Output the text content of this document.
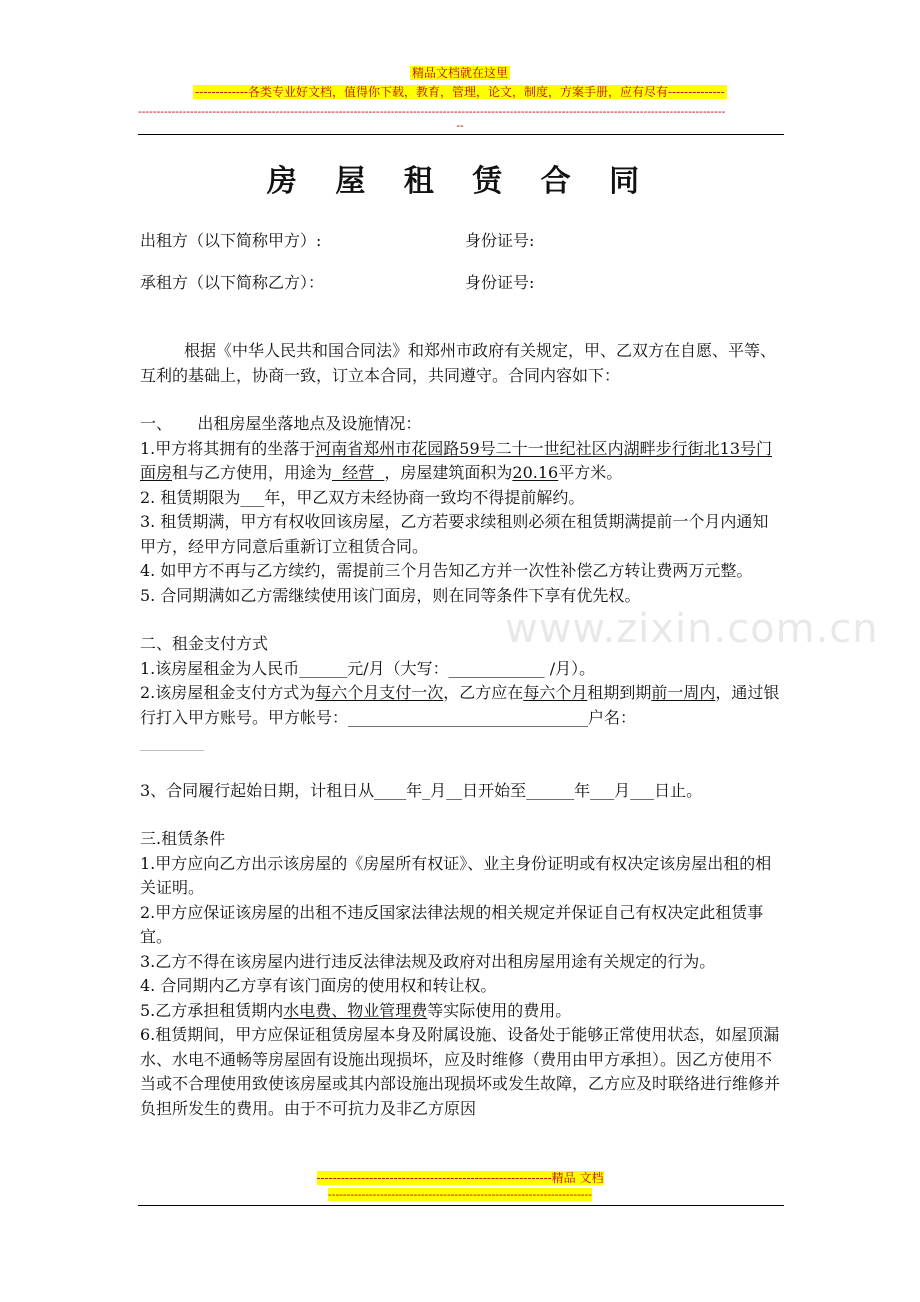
精品文档就在这里
-------------各类专业好文档，值得你下载，教育，管理，论文，制度，方案手册，应有尽有--------------
--------------------------------------------------------------------------------------------------------------------------------------------------------------
--
房 屋 租 赁 合 同
出租方（以下简称甲方）:	身份证号:
承租方（以下简称乙方）：	身份证号:

根据《中华人民共和国合同法》和郑州市政府有关规定，甲、乙双方在自愿、平等、互利的基础上，协商一致，订立本合同，共同遵守。合同内容如下：

一、     出租房屋坐落地点及设施情况：

1.甲方将其拥有的坐落于河南省郑州市花园路59号二十一世纪社区内湖畔步行街北13号门面房租与乙方使用，用途为  经营  ，房屋建筑面积为20.16平方米。

2. 租赁期限为___年，甲乙双方未经协商一致均不得提前解约。

3. 租赁期满，甲方有权收回该房屋，乙方若要求续租则必须在租赁期满提前一个月内通知甲方，经甲方同意后重新订立租赁合同。

4. 如甲方不再与乙方续约，需提前三个月告知乙方并一次性补偿乙方转让费两万元整。

5. 合同期满如乙方需继续使用该门面房，则在同等条件下享有优先权。

二、租金支付方式

1.该房屋租金为人民币______元/月（大写：____________ /月）。

2.该房屋租金支付方式为每六个月支付一次，乙方应在每六个月租期到期前一周内，通过银行打入甲方账号。甲方帐号：______________________________户名：
________

3、合同履行起始日期，计租日从____年_月__日开始至______年___月___日止。

三.租赁条件

1.甲方应向乙方出示该房屋的《房屋所有权证》、业主身份证明或有权决定该房屋出租的相关证明。

2.甲方应保证该房屋的出租不违反国家法律法规的相关规定并保证自己有权决定此租赁事宜。

3.乙方不得在该房屋内进行违反法律法规及政府对出租房屋用途有关规定的行为。

4. 合同期内乙方享有该门面房的使用权和转让权。

5.乙方承担租赁期内水电费、物业管理费等实际使用的费用。

6.租赁期间，甲方应保证租赁房屋本身及附属设施、设备处于能够正常使用状态，如屋顶漏水、水电不通畅等房屋固有设施出现损坏，应及时维修（费用由甲方承担）。因乙方使用不当或不合理使用致使该房屋或其内部设施出现损坏或发生故障，乙方应及时联络进行维修并负担所发生的费用。由于不可抗力及非乙方原因

www.zixin.com.cn
----------------------------------------------------------精品 文档
-----------------------------------------------------------------------
